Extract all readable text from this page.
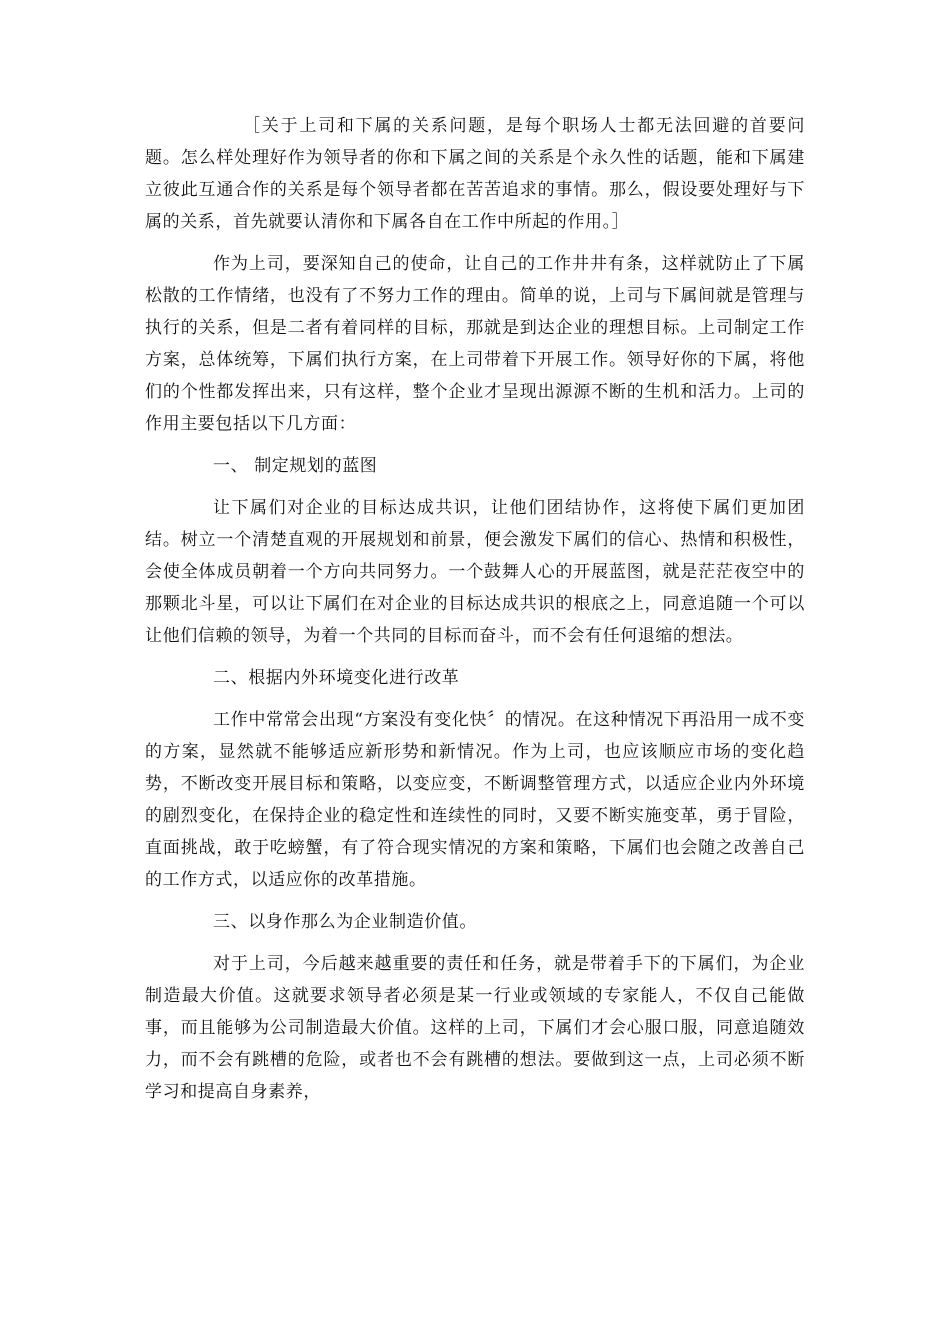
［关于上司和下属的关系问题，是每个职场人士都无法回避的首要问题。怎么样处理好作为领导者的你和下属之间的关系是个永久性的话题，能和下属建立彼此互通合作的关系是每个领导者都在苦苦追求的事情。那么，假设要处理好与下属的关系，首先就要认清你和下属各自在工作中所起的作用。］

作为上司，要深知自己的使命，让自己的工作井井有条，这样就防止了下属松散的工作情绪，也没有了不努力工作的理由。简单的说，上司与下属间就是管理与执行的关系，但是二者有着同样的目标，那就是到达企业的理想目标。上司制定工作方案，总体统筹，下属们执行方案，在上司带着下开展工作。领导好你的下属，将他们的个性都发挥出来，只有这样，整个企业才呈现出源源不断的生机和活力。上司的作用主要包括以下几方面：

一、 制定规划的蓝图

让下属们对企业的目标达成共识，让他们团结协作，这将使下属们更加团结。树立一个清楚直观的开展规划和前景，便会激发下属们的信心、热情和积极性，会使全体成员朝着一个方向共同努力。一个鼓舞人心的开展蓝图，就是茫茫夜空中的那颗北斗星，可以让下属们在对企业的目标达成共识的根底之上，同意追随一个可以让他们信赖的领导，为着一个共同的目标而奋斗，而不会有任何退缩的想法。

二、根据内外环境变化进行改革

工作中常常会出现“方案没有变化快〞的情况。在这种情况下再沿用一成不变的方案，显然就不能够适应新形势和新情况。作为上司，也应该顺应市场的变化趋势，不断改变开展目标和策略，以变应变，不断调整管理方式，以适应企业内外环境的剧烈变化，在保持企业的稳定性和连续性的同时，又要不断实施变革，勇于冒险，直面挑战，敢于吃螃蟹，有了符合现实情况的方案和策略，下属们也会随之改善自己的工作方式，以适应你的改革措施。

三、以身作那么为企业制造价值。

对于上司，今后越来越重要的责任和任务，就是带着手下的下属们，为企业制造最大价值。这就要求领导者必须是某一行业或领域的专家能人，不仅自己能做事，而且能够为公司制造最大价值。这样的上司，下属们才会心服口服，同意追随效力，而不会有跳槽的危险，或者也不会有跳槽的想法。要做到这一点，上司必须不断学习和提高自身素养，
